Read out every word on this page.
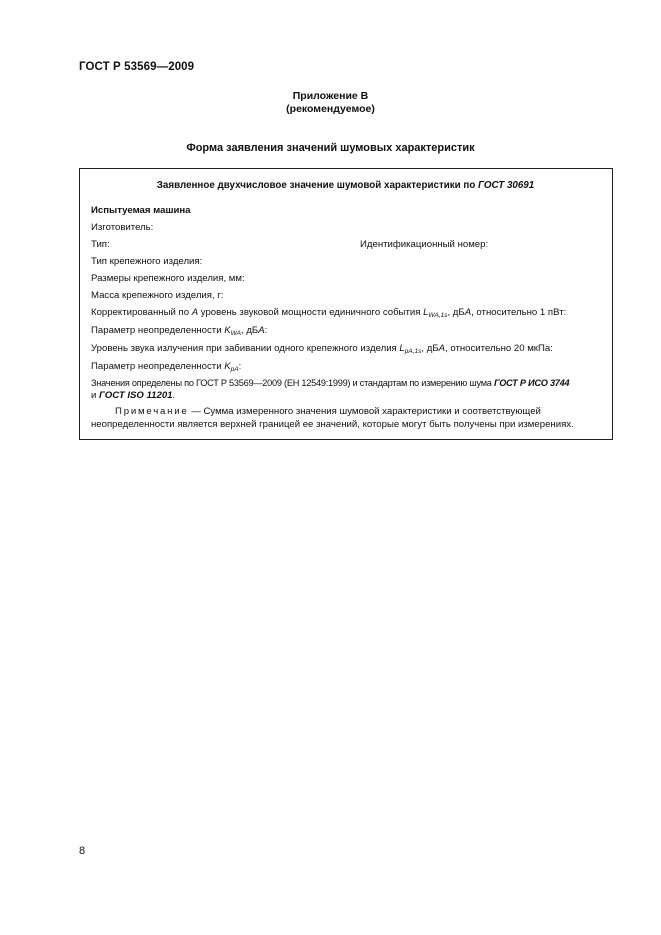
ГОСТ Р 53569—2009
Приложение В
(рекомендуемое)
Форма заявления значений шумовых характеристик
Заявленное двухчисловое значение шумовой характеристики по ГОСТ 30691
Испытуемая машина
Изготовитель:
Тип:	Идентификационный номер:
Тип крепежного изделия:
Размеры крепежного изделия, мм:
Масса крепежного изделия, г:
Корректированный по A уровень звуковой мощности единичного события $L_{WA,1s}$, дБA, относительно 1 пВт:
Параметр неопределенности $K_{WA}$, дБA:
Уровень звука излучения при забивании одного крепежного изделия $L_{pA,1s}$, дБA, относительно 20 мкПа:
Параметр неопределенности $K_{pA}$:
Значения определены по ГОСТ Р 53569—2009 (ЕН 12549:1999) и стандартам по измерению шума ГОСТ Р ИСО 3744
и ГОСТ ISO 11201.
Примечание — Сумма измеренного значения шумовой характеристики и соответствующей неопределенности является верхней границей ее значений, которые могут быть получены при измерениях.
8
